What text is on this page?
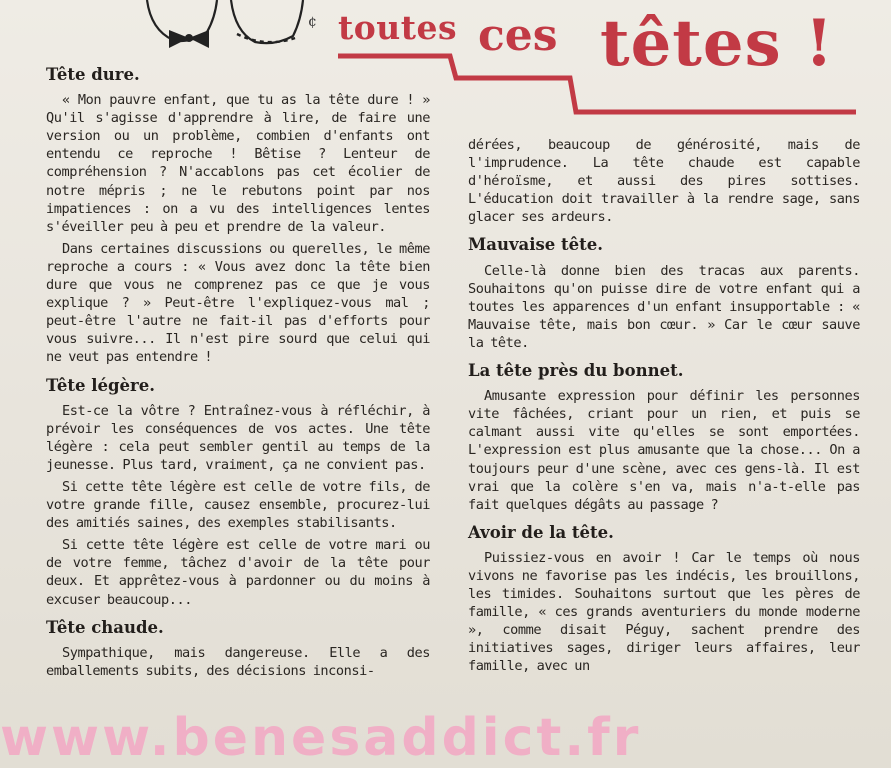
¢ toutes ces têtes !
Tête dure.

« Mon pauvre enfant, que tu as la tête dure ! » Qu'il s'agisse d'apprendre à lire, de faire une version ou un problème, combien d'enfants ont entendu ce reproche ! Bêtise ? Lenteur de compréhension ? N'accablons pas cet écolier de notre mépris ; ne le rebutons point par nos impatiences : on a vu des intelligences lentes s'éveiller peu à peu et prendre de la valeur.

Dans certaines discussions ou querelles, le même reproche a cours : « Vous avez donc la tête bien dure que vous ne comprenez pas ce que je vous explique ? » Peut-être l'expliquez-vous mal ; peut-être l'autre ne fait-il pas d'efforts pour vous suivre... Il n'est pire sourd que celui qui ne veut pas entendre !

Tête légère.

Est-ce la vôtre ? Entraînez-vous à réfléchir, à prévoir les conséquences de vos actes. Une tête légère : cela peut sembler gentil au temps de la jeunesse. Plus tard, vraiment, ça ne convient pas.

Si cette tête légère est celle de votre fils, de votre grande fille, causez ensemble, procurez-lui des amitiés saines, des exemples stabilisants.

Si cette tête légère est celle de votre mari ou de votre femme, tâchez d'avoir de la tête pour deux. Et apprêtez-vous à pardonner ou du moins à excuser beaucoup...

Tête chaude.

Sympathique, mais dangereuse. Elle a des emballements subits, des décisions inconsi-

dérées, beaucoup de générosité, mais de l'imprudence. La tête chaude est capable d'héroïsme, et aussi des pires sottises. L'éducation doit travailler à la rendre sage, sans glacer ses ardeurs.

Mauvaise tête.

Celle-là donne bien des tracas aux parents. Souhaitons qu'on puisse dire de votre enfant qui a toutes les apparences d'un enfant insupportable : « Mauvaise tête, mais bon cœur. » Car le cœur sauve la tête.

La tête près du bonnet.

Amusante expression pour définir les personnes vite fâchées, criant pour un rien, et puis se calmant aussi vite qu'elles se sont emportées. L'expression est plus amusante que la chose... On a toujours peur d'une scène, avec ces gens-là. Il est vrai que la colère s'en va, mais n'a-t-elle pas fait quelques dégâts au passage ?

Avoir de la tête.

Puissiez-vous en avoir ! Car le temps où nous vivons ne favorise pas les indécis, les brouillons, les timides. Souhaitons surtout que les pères de famille, « ces grands aventuriers du monde moderne », comme disait Péguy, sachent prendre des initiatives sages, diriger leurs affaires, leur famille, avec un

www.benesaddict.fr
